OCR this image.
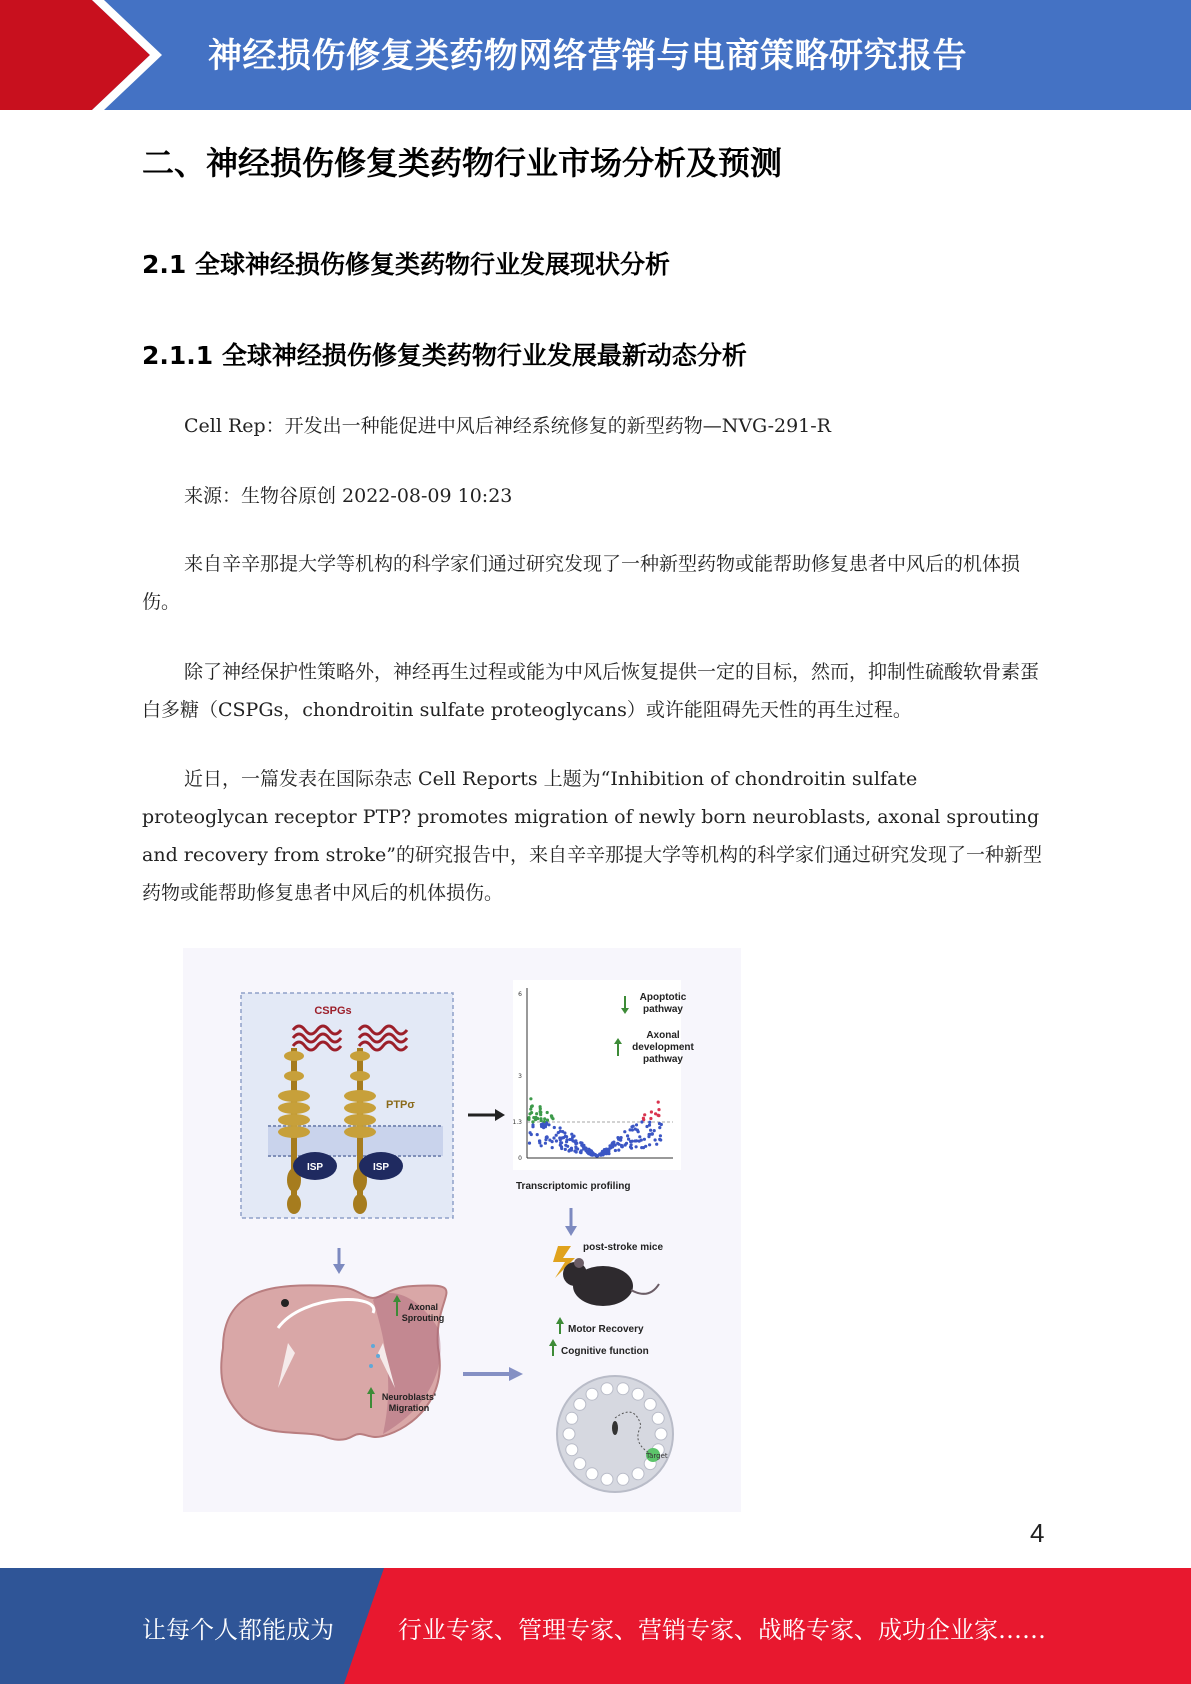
神经损伤修复类药物网络营销与电商策略研究报告
二、神经损伤修复类药物行业市场分析及预测
2.1 全球神经损伤修复类药物行业发展现状分析
2.1.1 全球神经损伤修复类药物行业发展最新动态分析

Cell Rep：开发出一种能促进中风后神经系统修复的新型药物—NVG-291-R

来源：生物谷原创 2022-08-09 10:23

来自辛辛那提大学等机构的科学家们通过研究发现了一种新型药物或能帮助修复患者中风后的机体损伤。

除了神经保护性策略外，神经再生过程或能为中风后恢复提供一定的目标，然而，抑制性硫酸软骨素蛋白多糖（CSPGs，chondroitin sulfate proteoglycans）或许能阻碍先天性的再生过程。

近日，一篇发表在国际杂志 Cell Reports 上题为“Inhibition of chondroitin sulfate proteoglycan receptor PTP? promotes migration of newly born neuroblasts, axonal sprouting and recovery from stroke”的研究报告中，来自辛辛那提大学等机构的科学家们通过研究发现了一种新型药物或能帮助修复患者中风后的机体损伤。

CSPGs
ISP	ISP
PTPσ
6
3
1.3
0
Apoptotic
pathway
Axonal
development
pathway
Transcriptomic profiling
post-stroke mice
Motor Recovery
Cognitive function
Target
Axonal
Sprouting
Neuroblasts'
Migration
4
让每个人都能成为	行业专家、管理专家、营销专家、战略专家、成功企业家……
